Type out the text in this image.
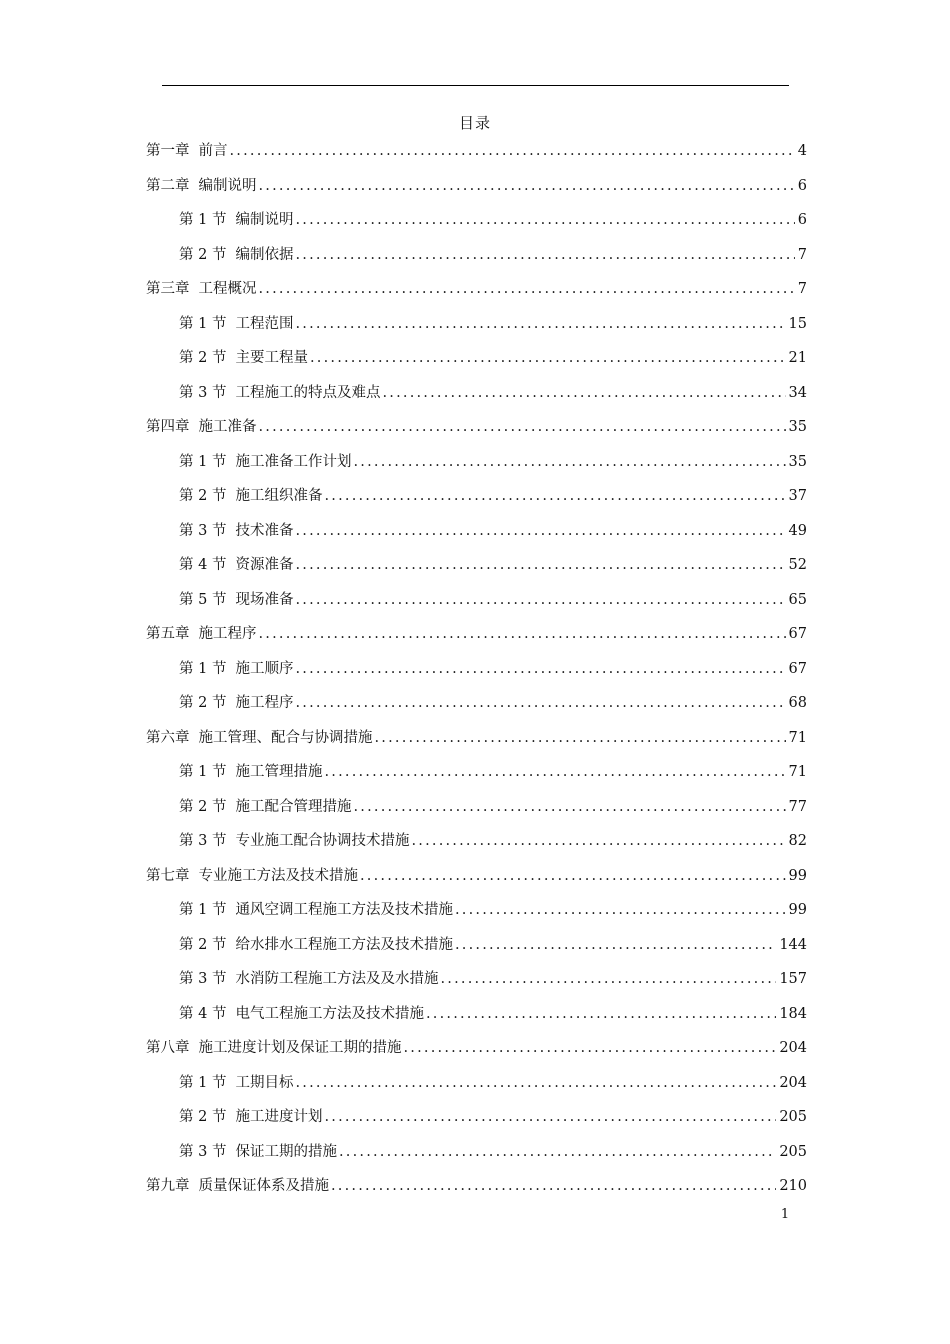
目录
第一章 前言 .....	4
第二章 编制说明 .....	6
第 1 节 编制说明 .....	6
第 2 节 编制依据 .....	7
第三章 工程概况 .....	7
第 1 节 工程范围 .....	15
第 2 节 主要工程量 .....	21
第 3 节 工程施工的特点及难点 .....	34
第四章 施工准备 .....	35
第 1 节 施工准备工作计划 .....	35
第 2 节 施工组织准备 .....	37
第 3 节 技术准备 .....	49
第 4 节 资源准备 .....	52
第 5 节 现场准备 .....	65
第五章 施工程序 .....	67
第 1 节 施工顺序 .....	67
第 2 节 施工程序 .....	68
第六章 施工管理、配合与协调措施 .....	71
第 1 节 施工管理措施 .....	71
第 2 节 施工配合管理措施 .....	77
第 3 节 专业施工配合协调技术措施 .....	82
第七章 专业施工方法及技术措施 .....	99
第 1 节 通风空调工程施工方法及技术措施 .....	99
第 2 节 给水排水工程施工方法及技术措施 .....	144
第 3 节 水消防工程施工方法及及水措施 .....	157
第 4 节 电气工程施工方法及技术措施 .....	184
第八章 施工进度计划及保证工期的措施 .....	204
第 1 节 工期目标 .....	204
第 2 节 施工进度计划 .....	205
第 3 节 保证工期的措施 .....	205
第九章 质量保证体系及措施 .....	210
1
